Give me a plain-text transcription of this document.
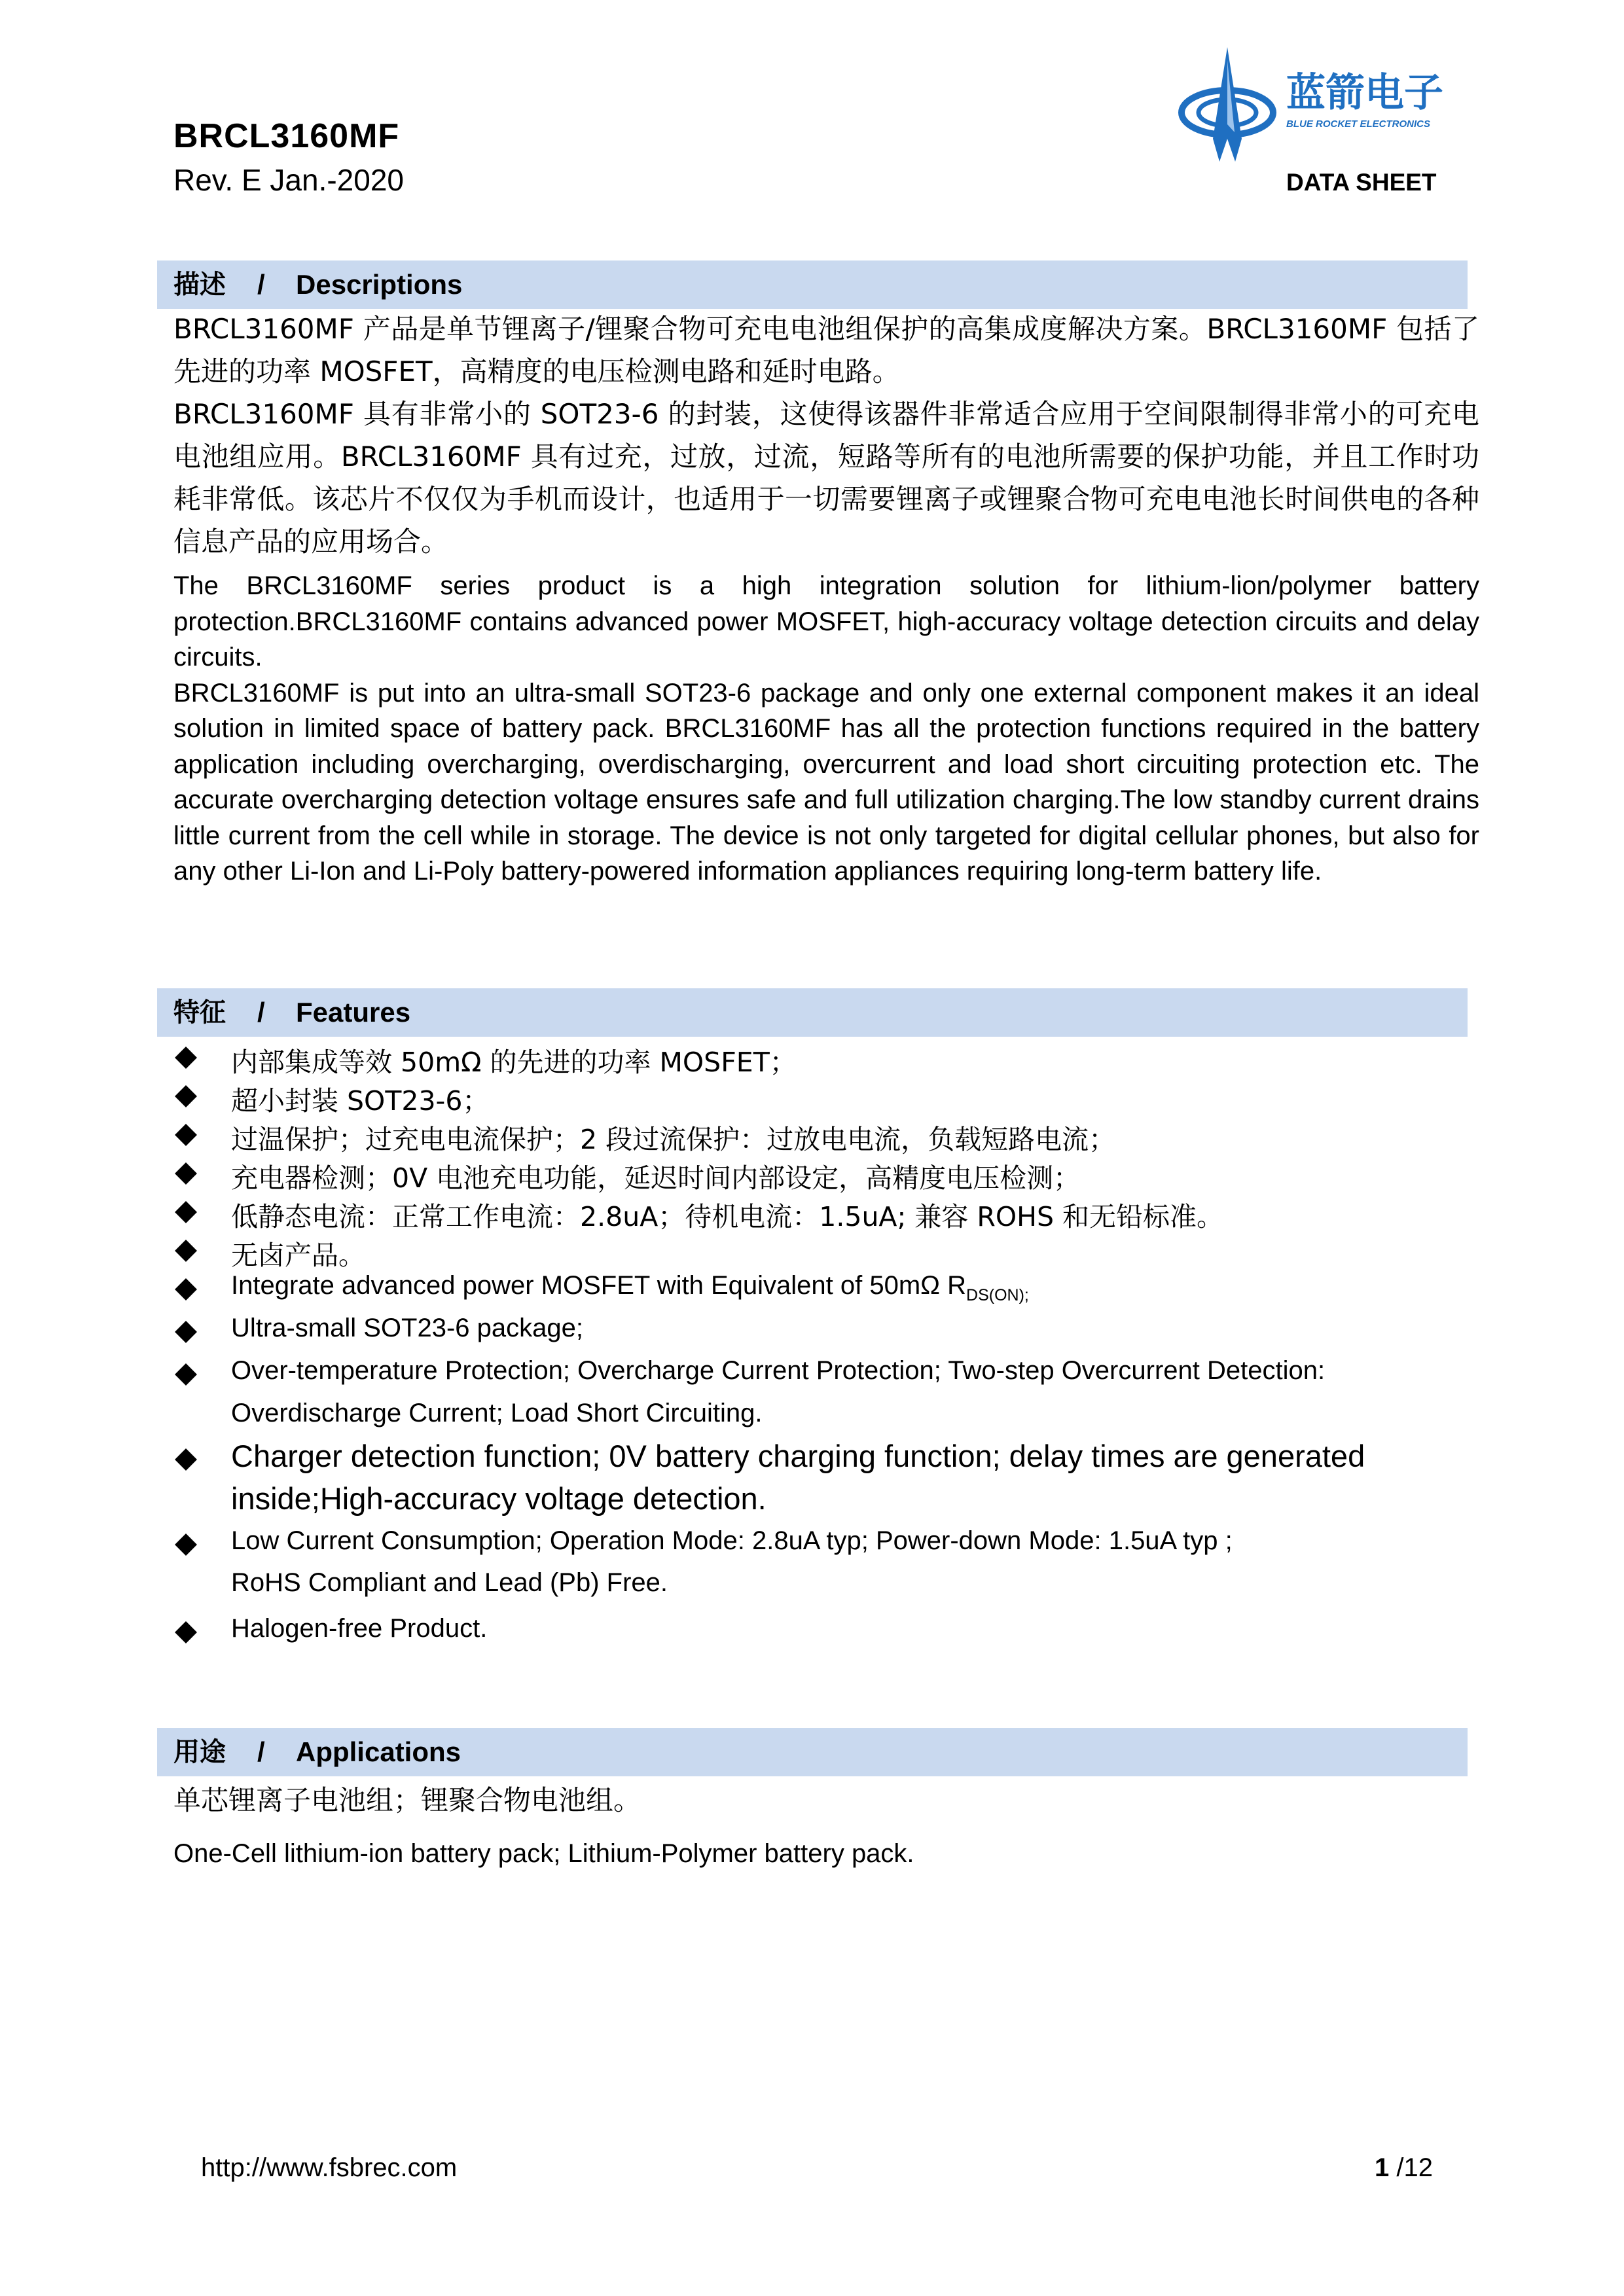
BRCL3160MF
Rev. E Jan.-2020
蓝箭电子
BLUE ROCKET ELECTRONICS
DATA SHEET
描述 / Descriptions

BRCL3160MF 产品是单节锂离子/锂聚合物可充电电池组保护的高集成度解决方案。BRCL3160MF 包括了先进的功率 MOSFET，高精度的电压检测电路和延时电路。

BRCL3160MF 具有非常小的 SOT23-6 的封装，这使得该器件非常适合应用于空间限制得非常小的可充电电池组应用。BRCL3160MF 具有过充，过放，过流，短路等所有的电池所需要的保护功能，并且工作时功耗非常低。该芯片不仅仅为手机而设计，也适用于一切需要锂离子或锂聚合物可充电电池长时间供电的各种信息产品的应用场合。

The BRCL3160MF series product is a high integration solution for lithium-lion/polymer battery protection.BRCL3160MF contains advanced power MOSFET, high-accuracy voltage detection circuits and delay circuits.

BRCL3160MF is put into an ultra-small SOT23-6 package and only one external component makes it an ideal solution in limited space of battery pack. BRCL3160MF has all the protection functions required in the battery application including overcharging, overdischarging, overcurrent and load short circuiting protection etc. The accurate overcharging detection voltage ensures safe and full utilization charging.The low standby current drains little current from the cell while in storage. The device is not only targeted for digital cellular phones, but also for any other Li-Ion and Li-Poly battery-powered information appliances requiring long-term battery life.

特征 / Features
内部集成等效 50mΩ 的先进的功率 MOSFET；
超小封装 SOT23-6；
过温保护；过充电电流保护；2 段过流保护：过放电电流，负载短路电流；
充电器检测；0V 电池充电功能，延迟时间内部设定，高精度电压检测；
低静态电流：正常工作电流：2.8uA；待机电流：1.5uA; 兼容 ROHS 和无铅标准。
无卤产品。
Integrate advanced power MOSFET with Equivalent of 50mΩ $R_{DS(ON);}$
Ultra-small SOT23-6 package;
Over-temperature Protection; Overcharge Current Protection; Two-step Overcurrent Detection:
Overdischarge Current; Load Short Circuiting.
Charger detection function; 0V battery charging function; delay times are generated
inside;High-accuracy voltage detection.
Low Current Consumption; Operation Mode: 2.8uA typ; Power-down Mode: 1.5uA typ ;
RoHS Compliant and Lead (Pb) Free.
Halogen-free Product.
用途 / Applications
单芯锂离子电池组；锂聚合物电池组。
One-Cell lithium-ion battery pack; Lithium-Polymer battery pack.
http://www.fsbrec.com	1 /12
